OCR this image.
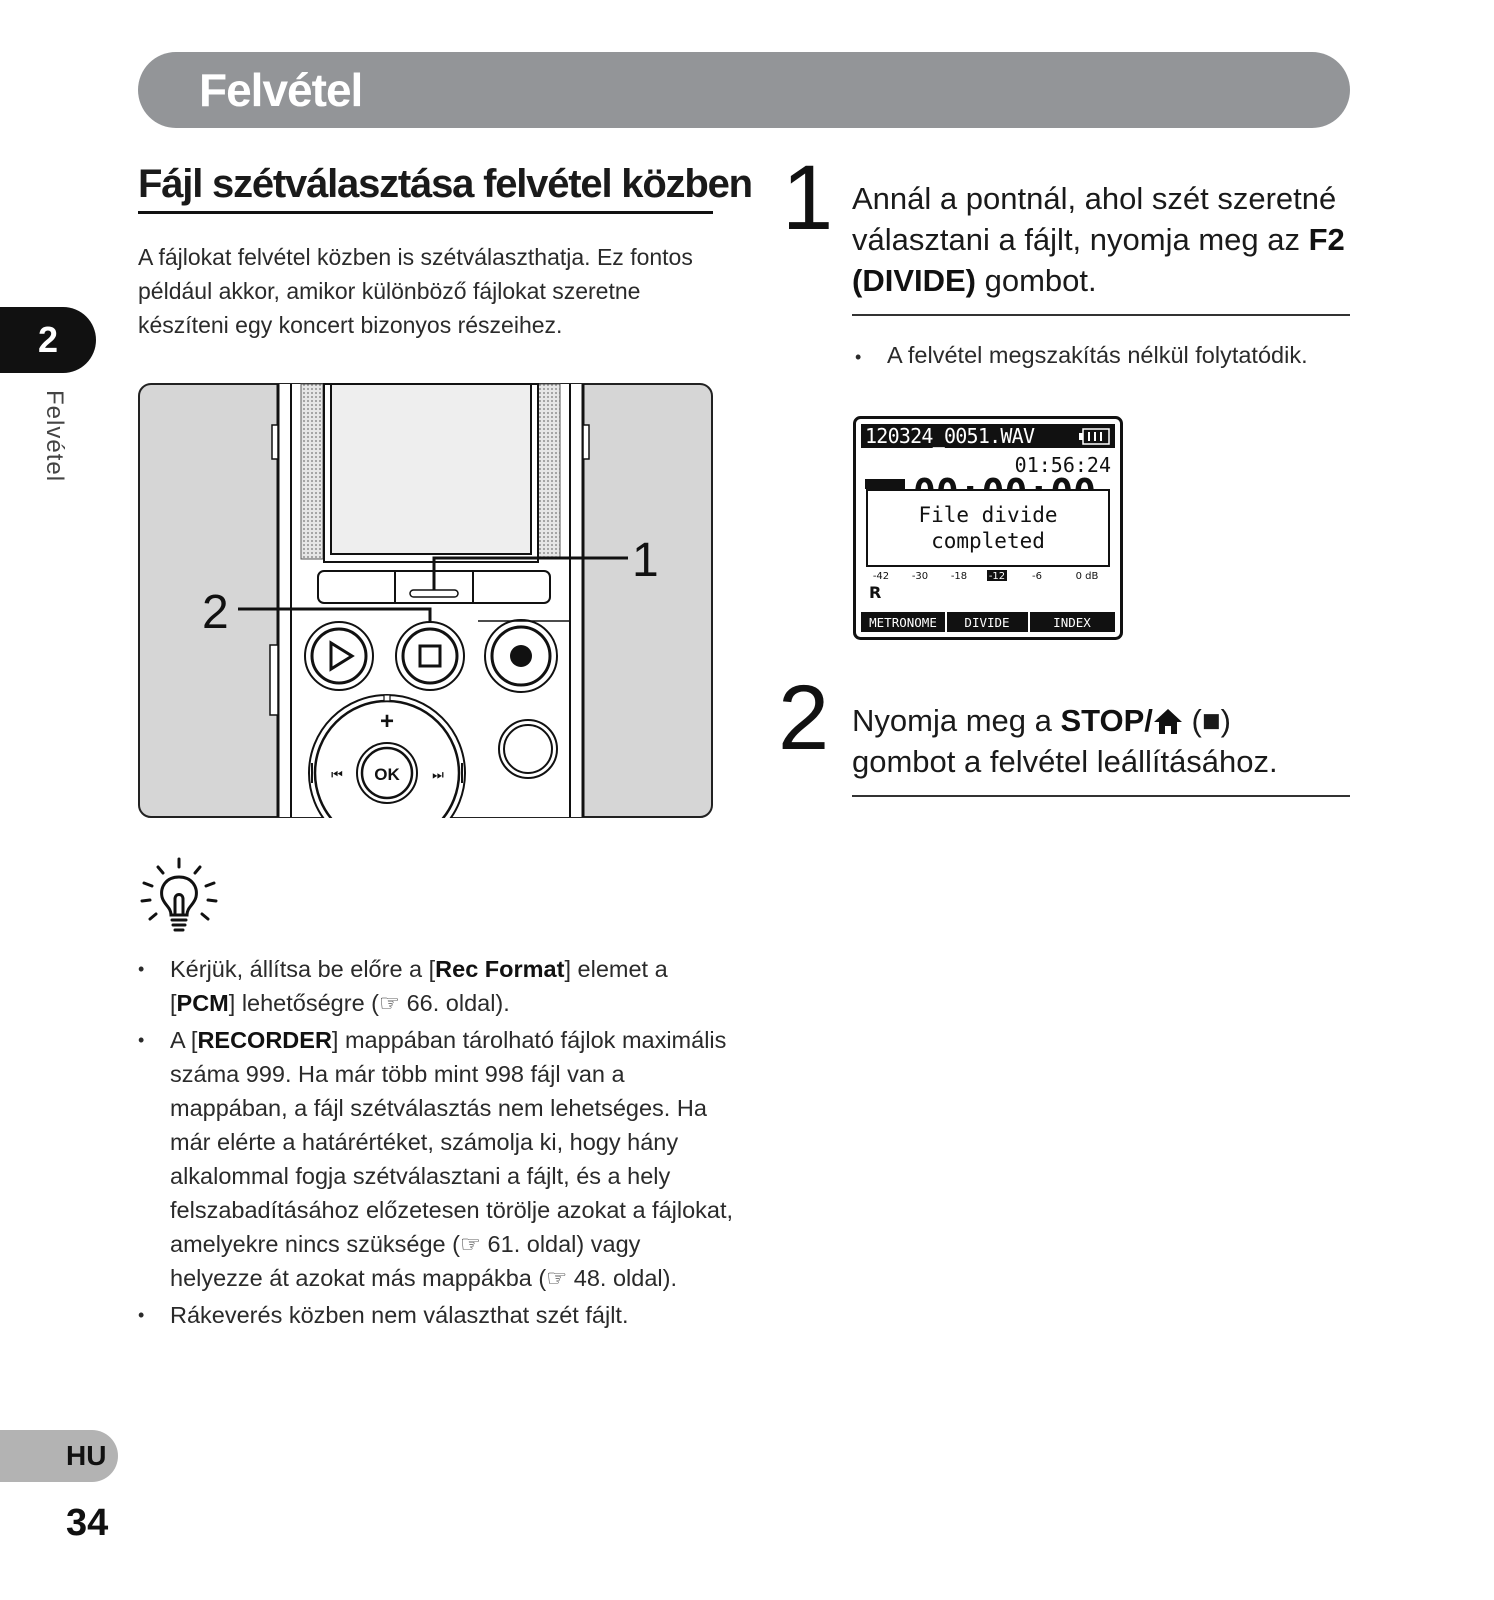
Felvétel
2
Felvétel
Fájl szétválasztása felvétel közben
A fájlokat felvétel közben is szétválaszthatja. Ez fontos például akkor, amikor különböző fájlokat szeretne készíteni egy koncert bizonyos részeihez.
1
2
+
OK
⏮	⏭
• Kérjük, állítsa be előre a [Rec Format] elemet a [PCM] lehetőségre (☞ 66. oldal).
• A [RECORDER] mappában tárolható fájlok maximális száma 999. Ha már több mint 998 fájl van a mappában, a fájl szétválasztás nem lehetséges. Ha már elérte a határértéket, számolja ki, hogy hány alkalommal fogja szétválasztani a fájlt, és a hely felszabadításához előzetesen törölje azokat a fájlokat, amelyekre nincs szüksége (☞ 61. oldal) vagy helyezze át azokat más mappákba (☞ 48. oldal).
• Rákeverés közben nem választhat szét fájlt.
1 Annál a pontnál, ahol szét szeretné választani a fájlt, nyomja meg az F2 (DIVIDE) gombot.
• A felvétel megszakítás nélkül folytatódik.
120324_0051.WAV
01:56:24
File divide
completed
-42 -30 -18 -12	-6	0 dB
R
METRONOME DIVIDE	INDEX
2 Nyomja meg a STOP/ (■)
gombot a felvétel leállításához.
HU
34
